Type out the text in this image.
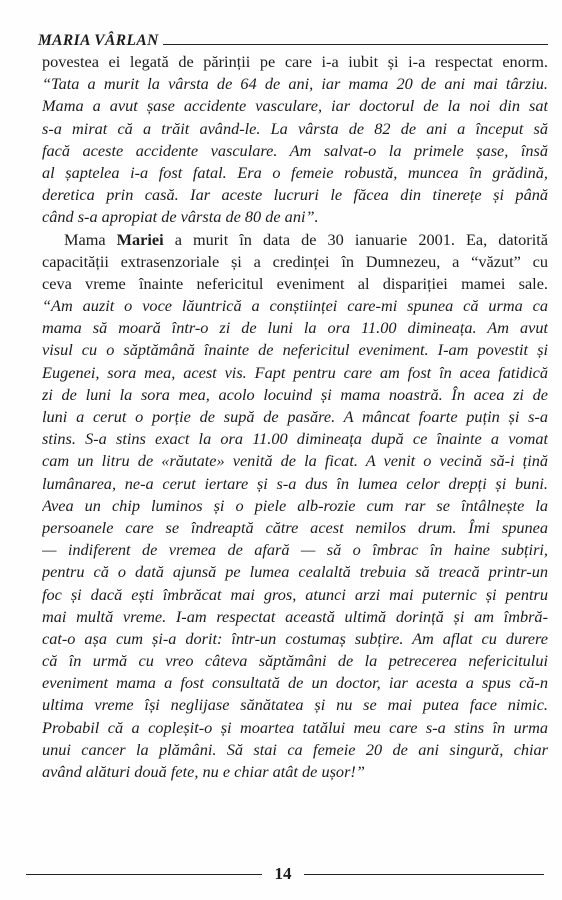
MARIA VÂRLAN
povestea ei legată de părinții pe care i-a iubit și i-a respectat enorm.
“Tata a murit la vârsta de 64 de ani, iar mama 20 de ani mai târziu.
Mama a avut șase accidente vasculare, iar doctorul de la noi din sat
s-a mirat că a trăit având-le. La vârsta de 82 de ani a început să
facă aceste accidente vasculare. Am salvat-o la primele șase, însă
al șaptelea i-a fost fatal. Era o femeie robustă, muncea în grădină,
deretica prin casă. Iar aceste lucruri le făcea din tinerețe și până
când s-a apropiat de vârsta de 80 de ani”.
Mama Mariei a murit în data de 30 ianuarie 2001. Ea, datorită
capacității extrasenzoriale și a credinței în Dumnezeu, a “văzut” cu
ceva vreme înainte nefericitul eveniment al dispariției mamei sale.
“Am auzit o voce lăuntrică a conștiinței care-mi spunea că urma ca
mama să moară într-o zi de luni la ora 11.00 dimineața. Am avut
visul cu o săptămână înainte de nefericitul eveniment. I-am povestit și
Eugenei, sora mea, acest vis. Fapt pentru care am fost în acea fatidică
zi de luni la sora mea, acolo locuind și mama noastră. În acea zi de
luni a cerut o porție de supă de pasăre. A mâncat foarte puțin și s-a
stins. S-a stins exact la ora 11.00 dimineața după ce înainte a vomat
cam un litru de «răutate» venită de la ficat. A venit o vecină să-i țină
lumânarea, ne-a cerut iertare și s-a dus în lumea celor drepți și buni.
Avea un chip luminos și o piele alb-rozie cum rar se întâlnește la
persoanele care se îndreaptă către acest nemilos drum. Îmi spunea
— indiferent de vremea de afară — să o îmbrac în haine subțiri,
pentru că o dată ajunsă pe lumea cealaltă trebuia să treacă printr-un
foc și dacă ești îmbrăcat mai gros, atunci arzi mai puternic și pentru
mai multă vreme. I-am respectat această ultimă dorință și am îmbră-
cat-o așa cum și-a dorit: într-un costumaș subțire. Am aflat cu durere
că în urmă cu vreo câteva săptămâni de la petrecerea nefericitului
eveniment mama a fost consultată de un doctor, iar acesta a spus că-n
ultima vreme își neglijase sănătatea și nu se mai putea face nimic.
Probabil că a copleșit-o și moartea tatălui meu care s-a stins în urma
unui cancer la plămâni. Să stai ca femeie 20 de ani singură, chiar
având alături două fete, nu e chiar atât de ușor!”
14
